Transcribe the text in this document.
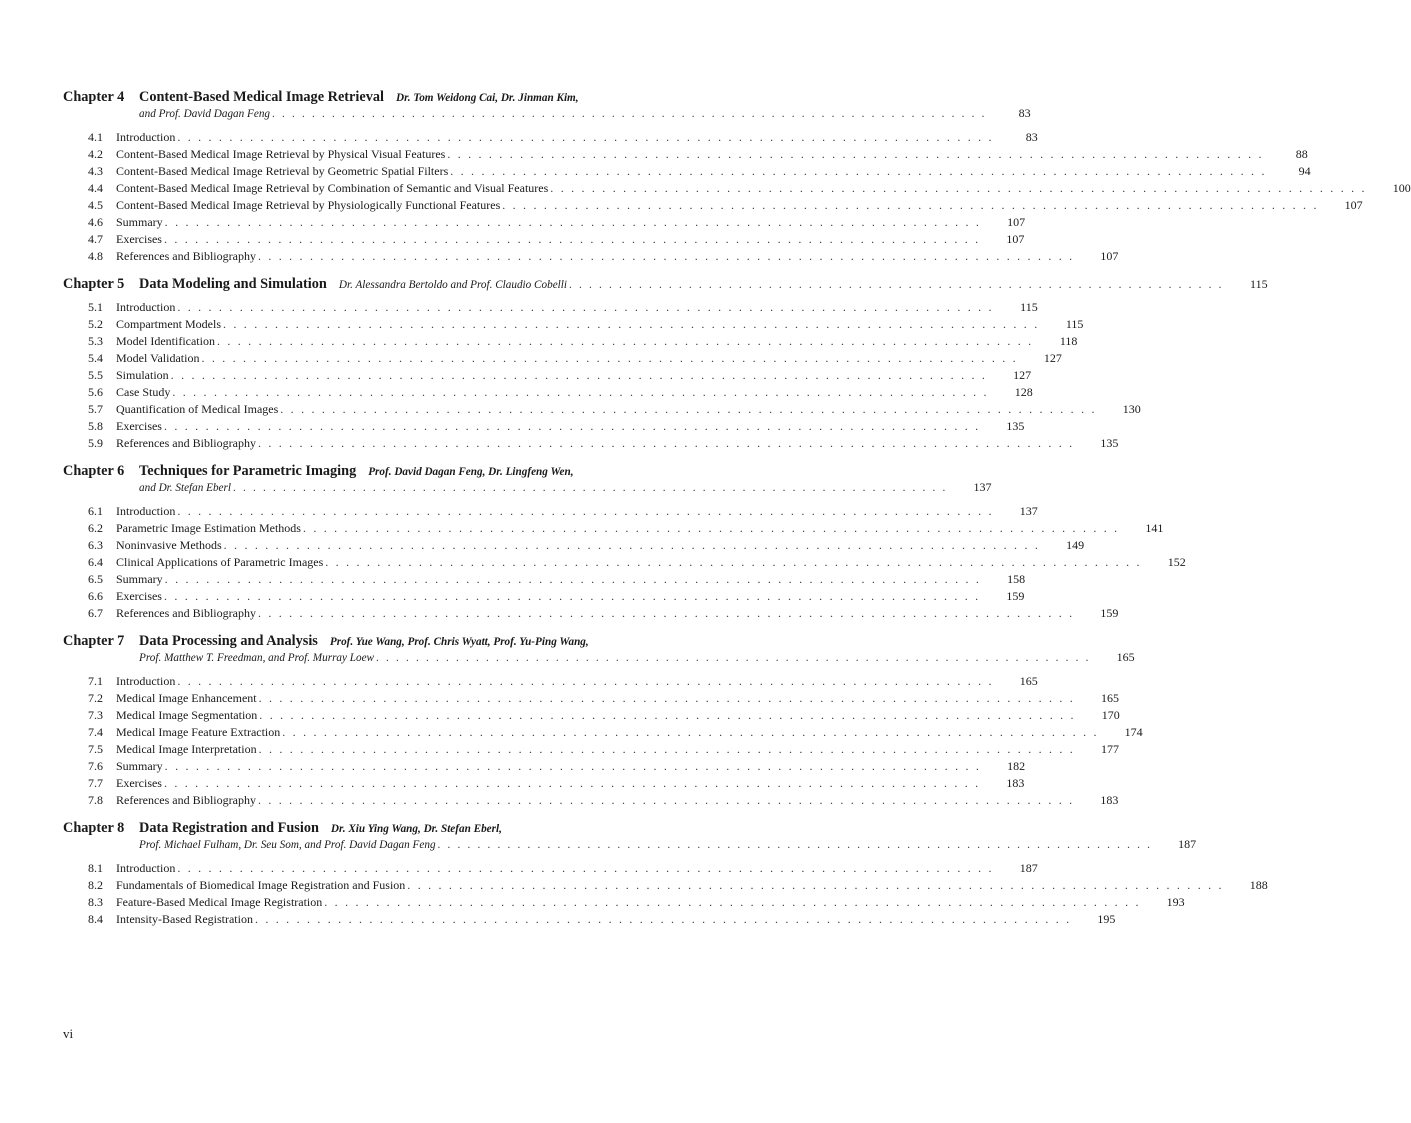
Chapter 4 Content-Based Medical Image Retrieval Dr. Tom Weidong Cai, Dr. Jinman Kim,
and Prof. David Dagan Feng . . . . . . . . . . . . . . . . . . . . . . . . . . . . . . . . . . . . . . . . . . . . . . . . . . . . . . . . . . . . . . . . . . . . . . . .	83
4.1 Introduction . . . . . . . . . . . . . . . . . . . . . . . . . . . . . . . . . . . . . . . . . . . . . . . . . . . . . . . . . . . . . . . . . . . . . . . . . . . . . . .	83
4.2 Content-Based Medical Image Retrieval by Physical Visual Features . . . . . . . . . . . . . . . . . . . . . . . . . . . . . . . . . . . . . . . . . . . . . . . . . . . . . . . . . . . . . . . . . . . . . . . . . . . . . . .	88
4.3 Content-Based Medical Image Retrieval by Geometric Spatial Filters . . . . . . . . . . . . . . . . . . . . . . . . . . . . . . . . . . . . . . . . . . . . . . . . . . . . . . . . . . . . . . . . . . . . . . . . . . . . . . .	94
4.4 Content-Based Medical Image Retrieval by Combination of Semantic and Visual Features . . . . . . . . . . . . . . . . . . . . . . . . . . . . . . . . . . . . . . . . . . . . . . . . . . . . . . . . . . . . . . . . . . . . . . . . . . . . . . .	100
4.5 Content-Based Medical Image Retrieval by Physiologically Functional Features . . . . . . . . . . . . . . . . . . . . . . . . . . . . . . . . . . . . . . . . . . . . . . . . . . . . . . . . . . . . . . . . . . . . . . . . . . . . . . .	107
4.6 Summary . . . . . . . . . . . . . . . . . . . . . . . . . . . . . . . . . . . . . . . . . . . . . . . . . . . . . . . . . . . . . . . . . . . . . . . . . . . . . . .	107
4.7 Exercises . . . . . . . . . . . . . . . . . . . . . . . . . . . . . . . . . . . . . . . . . . . . . . . . . . . . . . . . . . . . . . . . . . . . . . . . . . . . . . .	107
4.8 References and Bibliography . . . . . . . . . . . . . . . . . . . . . . . . . . . . . . . . . . . . . . . . . . . . . . . . . . . . . . . . . . . . . . . . . . . . . . . . . . . . . . .	107
Chapter 5	Data Modeling and Simulation Dr. Alessandra Bertoldo and Prof. Claudio Cobelli . . . . . . . . . . . . . . . . . . . . . . . . . . . . . . . . . . . . . . . . . . . . . . . . . . . . . . . . . . . . . . . . . .	115
5.1 Introduction . . . . . . . . . . . . . . . . . . . . . . . . . . . . . . . . . . . . . . . . . . . . . . . . . . . . . . . . . . . . . . . . . . . . . . . . . . . . . . .	115
5.2 Compartment Models . . . . . . . . . . . . . . . . . . . . . . . . . . . . . . . . . . . . . . . . . . . . . . . . . . . . . . . . . . . . . . . . . . . . . . . . . . . . . . .	115
5.3 Model Identification . . . . . . . . . . . . . . . . . . . . . . . . . . . . . . . . . . . . . . . . . . . . . . . . . . . . . . . . . . . . . . . . . . . . . . . . . . . . . . .	118
5.4 Model Validation . . . . . . . . . . . . . . . . . . . . . . . . . . . . . . . . . . . . . . . . . . . . . . . . . . . . . . . . . . . . . . . . . . . . . . . . . . . . . . .	127
5.5 Simulation . . . . . . . . . . . . . . . . . . . . . . . . . . . . . . . . . . . . . . . . . . . . . . . . . . . . . . . . . . . . . . . . . . . . . . . . . . . . . . .	127
5.6 Case Study . . . . . . . . . . . . . . . . . . . . . . . . . . . . . . . . . . . . . . . . . . . . . . . . . . . . . . . . . . . . . . . . . . . . . . . . . . . . . . .	128
5.7 Quantification of Medical Images . . . . . . . . . . . . . . . . . . . . . . . . . . . . . . . . . . . . . . . . . . . . . . . . . . . . . . . . . . . . . . . . . . . . . . . . . . . . . . .	130
5.8 Exercises . . . . . . . . . . . . . . . . . . . . . . . . . . . . . . . . . . . . . . . . . . . . . . . . . . . . . . . . . . . . . . . . . . . . . . . . . . . . . . .	135
5.9 References and Bibliography . . . . . . . . . . . . . . . . . . . . . . . . . . . . . . . . . . . . . . . . . . . . . . . . . . . . . . . . . . . . . . . . . . . . . . . . . . . . . . .	135
Chapter 6 Techniques for Parametric Imaging Prof. David Dagan Feng, Dr. Lingfeng Wen,
and Dr. Stefan Eberl . . . . . . . . . . . . . . . . . . . . . . . . . . . . . . . . . . . . . . . . . . . . . . . . . . . . . . . . . . . . . . . . . . . . . . . .	137
6.1 Introduction . . . . . . . . . . . . . . . . . . . . . . . . . . . . . . . . . . . . . . . . . . . . . . . . . . . . . . . . . . . . . . . . . . . . . . . . . . . . . . .	137
6.2 Parametric Image Estimation Methods . . . . . . . . . . . . . . . . . . . . . . . . . . . . . . . . . . . . . . . . . . . . . . . . . . . . . . . . . . . . . . . . . . . . . . . . . . . . . . .	141
6.3 Noninvasive Methods . . . . . . . . . . . . . . . . . . . . . . . . . . . . . . . . . . . . . . . . . . . . . . . . . . . . . . . . . . . . . . . . . . . . . . . . . . . . . . .	149
6.4 Clinical Applications of Parametric Images . . . . . . . . . . . . . . . . . . . . . . . . . . . . . . . . . . . . . . . . . . . . . . . . . . . . . . . . . . . . . . . . . . . . . . . . . . . . . . .	152
6.5 Summary . . . . . . . . . . . . . . . . . . . . . . . . . . . . . . . . . . . . . . . . . . . . . . . . . . . . . . . . . . . . . . . . . . . . . . . . . . . . . . .	158
6.6 Exercises . . . . . . . . . . . . . . . . . . . . . . . . . . . . . . . . . . . . . . . . . . . . . . . . . . . . . . . . . . . . . . . . . . . . . . . . . . . . . . .	159
6.7 References and Bibliography . . . . . . . . . . . . . . . . . . . . . . . . . . . . . . . . . . . . . . . . . . . . . . . . . . . . . . . . . . . . . . . . . . . . . . . . . . . . . . .	159
Chapter 7 Data Processing and Analysis Prof. Yue Wang, Prof. Chris Wyatt, Prof. Yu-Ping Wang,
Prof. Matthew T. Freedman, and Prof. Murray Loew . . . . . . . . . . . . . . . . . . . . . . . . . . . . . . . . . . . . . . . . . . . . . . . . . . . . . . . . . . . . . . . . . . . . . . . .	165
7.1 Introduction . . . . . . . . . . . . . . . . . . . . . . . . . . . . . . . . . . . . . . . . . . . . . . . . . . . . . . . . . . . . . . . . . . . . . . . . . . . . . . .	165
7.2 Medical Image Enhancement . . . . . . . . . . . . . . . . . . . . . . . . . . . . . . . . . . . . . . . . . . . . . . . . . . . . . . . . . . . . . . . . . . . . . . . . . . . . . . .	165
7.3 Medical Image Segmentation . . . . . . . . . . . . . . . . . . . . . . . . . . . . . . . . . . . . . . . . . . . . . . . . . . . . . . . . . . . . . . . . . . . . . . . . . . . . . . .	170
7.4 Medical Image Feature Extraction . . . . . . . . . . . . . . . . . . . . . . . . . . . . . . . . . . . . . . . . . . . . . . . . . . . . . . . . . . . . . . . . . . . . . . . . . . . . . . .	174
7.5 Medical Image Interpretation . . . . . . . . . . . . . . . . . . . . . . . . . . . . . . . . . . . . . . . . . . . . . . . . . . . . . . . . . . . . . . . . . . . . . . . . . . . . . . .	177
7.6 Summary . . . . . . . . . . . . . . . . . . . . . . . . . . . . . . . . . . . . . . . . . . . . . . . . . . . . . . . . . . . . . . . . . . . . . . . . . . . . . . .	182
7.7 Exercises . . . . . . . . . . . . . . . . . . . . . . . . . . . . . . . . . . . . . . . . . . . . . . . . . . . . . . . . . . . . . . . . . . . . . . . . . . . . . . .	183
7.8 References and Bibliography . . . . . . . . . . . . . . . . . . . . . . . . . . . . . . . . . . . . . . . . . . . . . . . . . . . . . . . . . . . . . . . . . . . . . . . . . . . . . . .	183
Chapter 8 Data Registration and Fusion Dr. Xiu Ying Wang, Dr. Stefan Eberl,
Prof. Michael Fulham, Dr. Seu Som, and Prof. David Dagan Feng . . . . . . . . . . . . . . . . . . . . . . . . . . . . . . . . . . . . . . . . . . . . . . . . . . . . . . . . . . . . . . . . . . . . . . . .	187
8.1 Introduction . . . . . . . . . . . . . . . . . . . . . . . . . . . . . . . . . . . . . . . . . . . . . . . . . . . . . . . . . . . . . . . . . . . . . . . . . . . . . . .	187
8.2 Fundamentals of Biomedical Image Registration and Fusion . . . . . . . . . . . . . . . . . . . . . . . . . . . . . . . . . . . . . . . . . . . . . . . . . . . . . . . . . . . . . . . . . . . . . . . . . . . . . . .	188
8.3 Feature-Based Medical Image Registration . . . . . . . . . . . . . . . . . . . . . . . . . . . . . . . . . . . . . . . . . . . . . . . . . . . . . . . . . . . . . . . . . . . . . . . . . . . . . . .	193
8.4 Intensity-Based Registration . . . . . . . . . . . . . . . . . . . . . . . . . . . . . . . . . . . . . . . . . . . . . . . . . . . . . . . . . . . . . . . . . . . . . . . . . . . . . . .	195
vi
